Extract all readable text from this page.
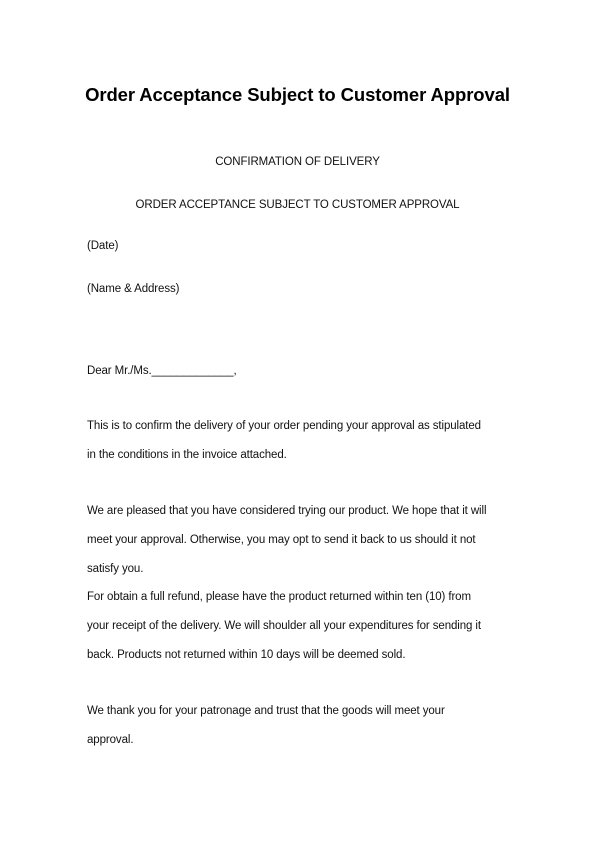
Order Acceptance Subject to Customer Approval
CONFIRMATION OF DELIVERY
ORDER ACCEPTANCE SUBJECT TO CUSTOMER APPROVAL
(Date)
(Name & Address)
Dear Mr./Ms._____________,
This is to confirm the delivery of your order pending your approval as stipulated
in the conditions in the invoice attached.
We are pleased that you have considered trying our product. We hope that it will
meet your approval. Otherwise, you may opt to send it back to us should it not
satisfy you.
For obtain a full refund, please have the product returned within ten (10) from
your receipt of the delivery. We will shoulder all your expenditures for sending it
back. Products not returned within 10 days will be deemed sold.
We thank you for your patronage and trust that the goods will meet your
approval.
